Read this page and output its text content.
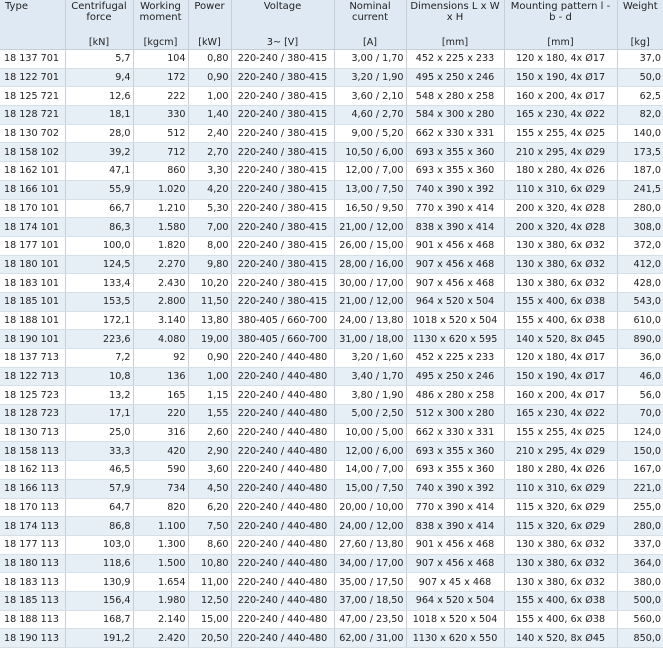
Type	Centrifugal force	Working moment	Power	Voltage	Nominal current	Dimensions L x W x H	Mounting pattern l - b - d	Weight
	[kN]	[kgcm]	[kW]	3~ [V]	[A]	[mm]	[mm]	[kg]
18 137 701	5,7	104	0,80	220-240 / 380-415	3,00 / 1,70	452 x 225 x 233	120 x 180, 4x Ø17	37,0
18 122 701	9,4	172	0,90	220-240 / 380-415	3,20 / 1,90	495 x 250 x 246	150 x 190, 4x Ø17	50,0
18 125 721	12,6	222	1,00	220-240 / 380-415	3,60 / 2,10	548 x 280 x 258	160 x 200, 4x Ø17	62,5
18 128 721	18,1	330	1,40	220-240 / 380-415	4,60 / 2,70	584 x 300 x 280	165 x 230, 4x Ø22	82,0
18 130 702	28,0	512	2,40	220-240 / 380-415	9,00 / 5,20	662 x 330 x 331	155 x 255, 4x Ø25	140,0
18 158 102	39,2	712	2,70	220-240 / 380-415	10,50 / 6,00	693 x 355 x 360	210 x 295, 4x Ø29	173,5
18 162 101	47,1	860	3,30	220-240 / 380-415	12,00 / 7,00	693 x 355 x 360	180 x 280, 4x Ø26	187,0
18 166 101	55,9	1.020	4,20	220-240 / 380-415	13,00 / 7,50	740 x 390 x 392	110 x 310, 6x Ø29	241,5
18 170 101	66,7	1.210	5,30	220-240 / 380-415	16,50 / 9,50	770 x 390 x 414	200 x 320, 4x Ø28	280,0
18 174 101	86,3	1.580	7,00	220-240 / 380-415	21,00 / 12,00	838 x 390 x 414	200 x 320, 4x Ø28	308,0
18 177 101	100,0	1.820	8,00	220-240 / 380-415	26,00 / 15,00	901 x 456 x 468	130 x 380, 6x Ø32	372,0
18 180 101	124,5	2.270	9,80	220-240 / 380-415	28,00 / 16,00	907 x 456 x 468	130 x 380, 6x Ø32	412,0
18 183 101	133,4	2.430	10,20	220-240 / 380-415	30,00 / 17,00	907 x 456 x 468	130 x 380, 6x Ø32	428,0
18 185 101	153,5	2.800	11,50	220-240 / 380-415	21,00 / 12,00	964 x 520 x 504	155 x 400, 6x Ø38	543,0
18 188 101	172,1	3.140	13,80	380-405 / 660-700	24,00 / 13,80	1018 x 520 x 504	155 x 400, 6x Ø38	610,0
18 190 101	223,6	4.080	19,00	380-405 / 660-700	31,00 / 18,00	1130 x 620 x 595	140 x 520, 8x Ø45	890,0
18 137 713	7,2	92	0,90	220-240 / 440-480	3,20 / 1,60	452 x 225 x 233	120 x 180, 4x Ø17	36,0
18 122 713	10,8	136	1,00	220-240 / 440-480	3,40 / 1,70	495 x 250 x 246	150 x 190, 4x Ø17	46,0
18 125 723	13,2	165	1,15	220-240 / 440-480	3,80 / 1,90	486 x 280 x 258	160 x 200, 4x Ø17	56,0
18 128 723	17,1	220	1,55	220-240 / 440-480	5,00 / 2,50	512 x 300 x 280	165 x 230, 4x Ø22	70,0
18 130 713	25,0	316	2,60	220-240 / 440-480	10,00 / 5,00	662 x 330 x 331	155 x 255, 4x Ø25	124,0
18 158 113	33,3	420	2,90	220-240 / 440-480	12,00 / 6,00	693 x 355 x 360	210 x 295, 4x Ø29	150,0
18 162 113	46,5	590	3,60	220-240 / 440-480	14,00 / 7,00	693 x 355 x 360	180 x 280, 4x Ø26	167,0
18 166 113	57,9	734	4,50	220-240 / 440-480	15,00 / 7,50	740 x 390 x 392	110 x 310, 6x Ø29	221,0
18 170 113	64,7	820	6,20	220-240 / 440-480	20,00 / 10,00	770 x 390 x 414	115 x 320, 6x Ø29	255,0
18 174 113	86,8	1.100	7,50	220-240 / 440-480	24,00 / 12,00	838 x 390 x 414	115 x 320, 6x Ø29	280,0
18 177 113	103,0	1.300	8,60	220-240 / 440-480	27,60 / 13,80	901 x 456 x 468	130 x 380, 6x Ø32	337,0
18 180 113	118,6	1.500	10,80	220-240 / 440-480	34,00 / 17,00	907 x 456 x 468	130 x 380, 6x Ø32	364,0
18 183 113	130,9	1.654	11,00	220-240 / 440-480	35,00 / 17,50	907 x 45 x 468	130 x 380, 6x Ø32	380,0
18 185 113	156,4	1.980	12,50	220-240 / 440-480	37,00 / 18,50	964 x 520 x 504	155 x 400, 6x Ø38	500,0
18 188 113	168,7	2.140	15,00	220-240 / 440-480	47,00 / 23,50	1018 x 520 x 504	155 x 400, 6x Ø38	560,0
18 190 113	191,2	2.420	20,50	220-240 / 440-480	62,00 / 31,00	1130 x 620 x 550	140 x 520, 8x Ø45	850,0
